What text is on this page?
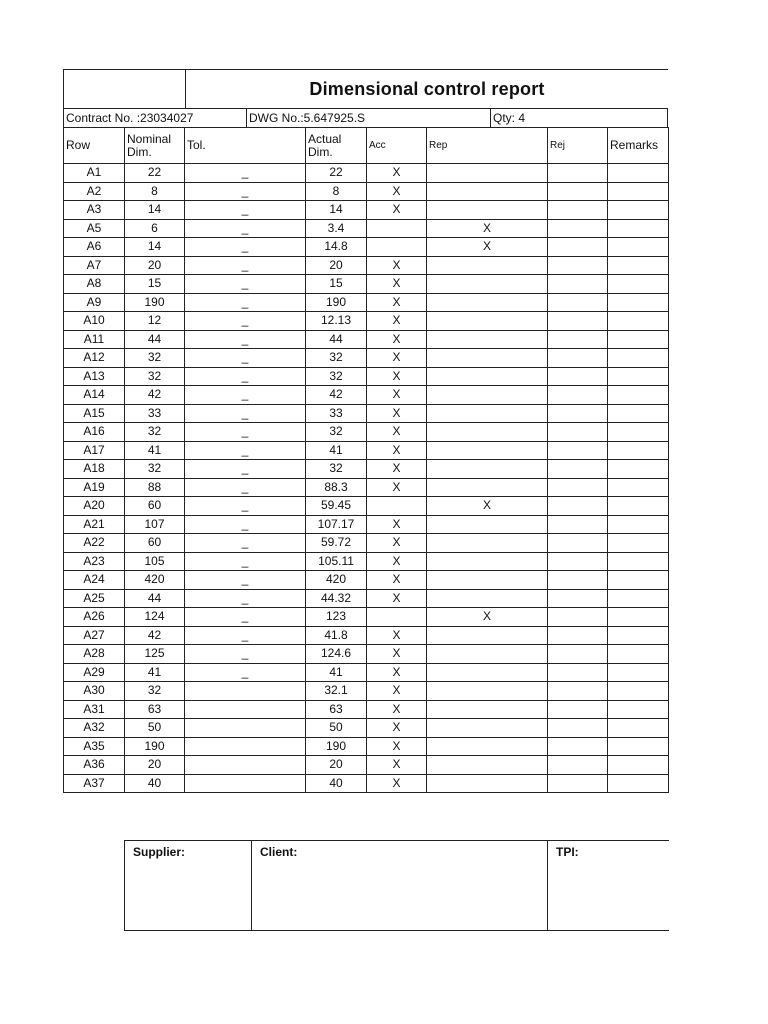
Dimensional control report
Contract No. :23034027	DWG No.:5.647925.S	Qty: 4
Row	Nominal Dim.	Tol.	Actual Dim.	Acc	Rep	Rej	Remarks
A1	22	_	22	X			
A2	8	_	8	X			
A3	14	_	14	X			
A5	6	_	3.4		X		
A6	14	_	14.8		X		
A7	20	_	20	X			
A8	15	_	15	X			
A9	190	_	190	X			
A10	12	_	12.13	X			
A11	44	_	44	X			
A12	32	_	32	X			
A13	32	_	32	X			
A14	42	_	42	X			
A15	33	_	33	X			
A16	32	_	32	X			
A17	41	_	41	X			
A18	32	_	32	X			
A19	88	_	88.3	X			
A20	60	_	59.45		X		
A21	107	_	107.17	X			
A22	60	_	59.72	X			
A23	105	_	105.11	X			
A24	420	_	420	X			
A25	44	_	44.32	X			
A26	124	_	123		X		
A27	42	_	41.8	X			
A28	125	_	124.6	X			
A29	41	_	41	X			
A30	32		32.1	X			
A31	63		63	X			
A32	50		50	X			
A35	190		190	X			
A36	20		20	X			
A37	40		40	X			
Supplier:	Client:	TPI:
